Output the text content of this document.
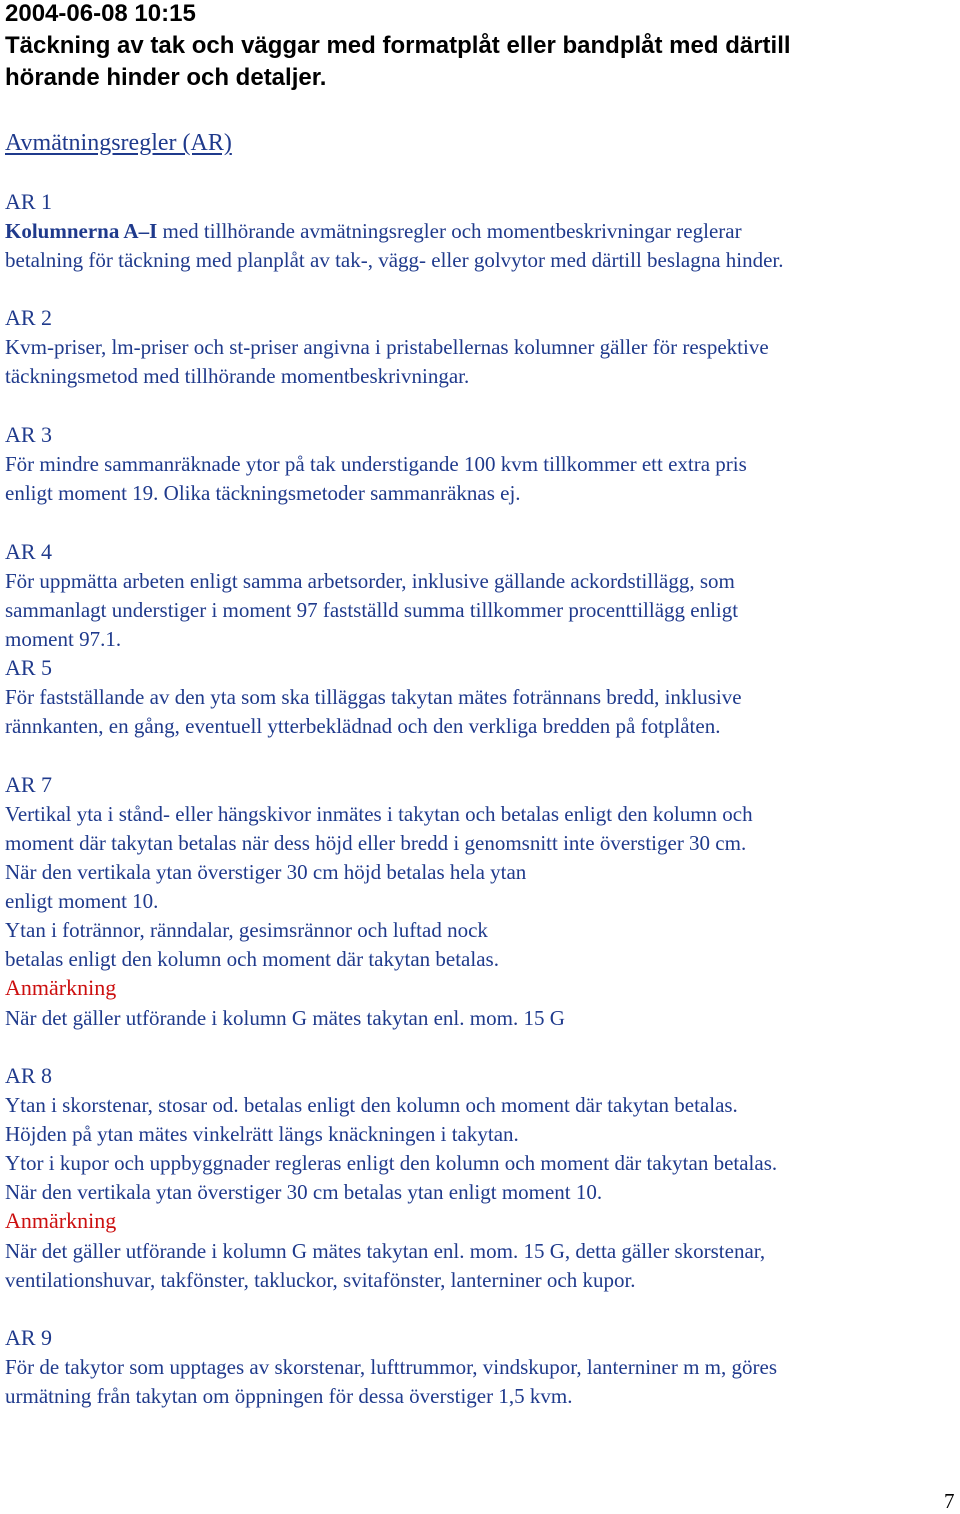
2004-06-08 10:15
Täckning av tak och väggar med formatplåt eller bandplåt med därtill
hörande hinder och detaljer.
Avmätningsregler (AR)
AR 1
Kolumnerna A–I med tillhörande avmätningsregler och momentbeskrivningar reglerar
betalning för täckning med planplåt av tak-, vägg- eller golvytor med därtill beslagna hinder.
AR 2
Kvm-priser, lm-priser och st-priser angivna i pristabellernas kolumner gäller för respektive
täckningsmetod med tillhörande momentbeskrivningar.
AR 3
För mindre sammanräknade ytor på tak understigande 100 kvm tillkommer ett extra pris
enligt moment 19. Olika täckningsmetoder sammanräknas ej.
AR 4
För uppmätta arbeten enligt samma arbetsorder, inklusive gällande ackordstillägg, som
sammanlagt understiger i moment 97 fastställd summa tillkommer procenttillägg enligt
moment 97.1.
AR 5
För fastställande av den yta som ska tilläggas takytan mätes fotrännans bredd, inklusive
rännkanten, en gång, eventuell ytterbeklädnad och den verkliga bredden på fotplåten.
AR 7
Vertikal yta i stånd- eller hängskivor inmätes i takytan och betalas enligt den kolumn och
moment där takytan betalas när dess höjd eller bredd i genomsnitt inte överstiger 30 cm.
När den vertikala ytan överstiger 30 cm höjd betalas hela ytan
enligt moment 10.
Ytan i fotrännor, ränndalar, gesimsrännor och luftad nock
betalas enligt den kolumn och moment där takytan betalas.
Anmärkning
När det gäller utförande i kolumn G mätes takytan enl. mom. 15 G
AR 8
Ytan i skorstenar, stosar od. betalas enligt den kolumn och moment där takytan betalas.
Höjden på ytan mätes vinkelrätt längs knäckningen i takytan.
Ytor i kupor och uppbyggnader regleras enligt den kolumn och moment där takytan betalas.
När den vertikala ytan överstiger 30 cm betalas ytan enligt moment 10.
Anmärkning
När det gäller utförande i kolumn G mätes takytan enl. mom. 15 G, detta gäller skorstenar,
ventilationshuvar, takfönster, takluckor, svitafönster, lanterniner och kupor.
AR 9
För de takytor som upptages av skorstenar, lufttrummor, vindskupor, lanterniner m m, göres
urmätning från takytan om öppningen för dessa överstiger 1,5 kvm.
7
